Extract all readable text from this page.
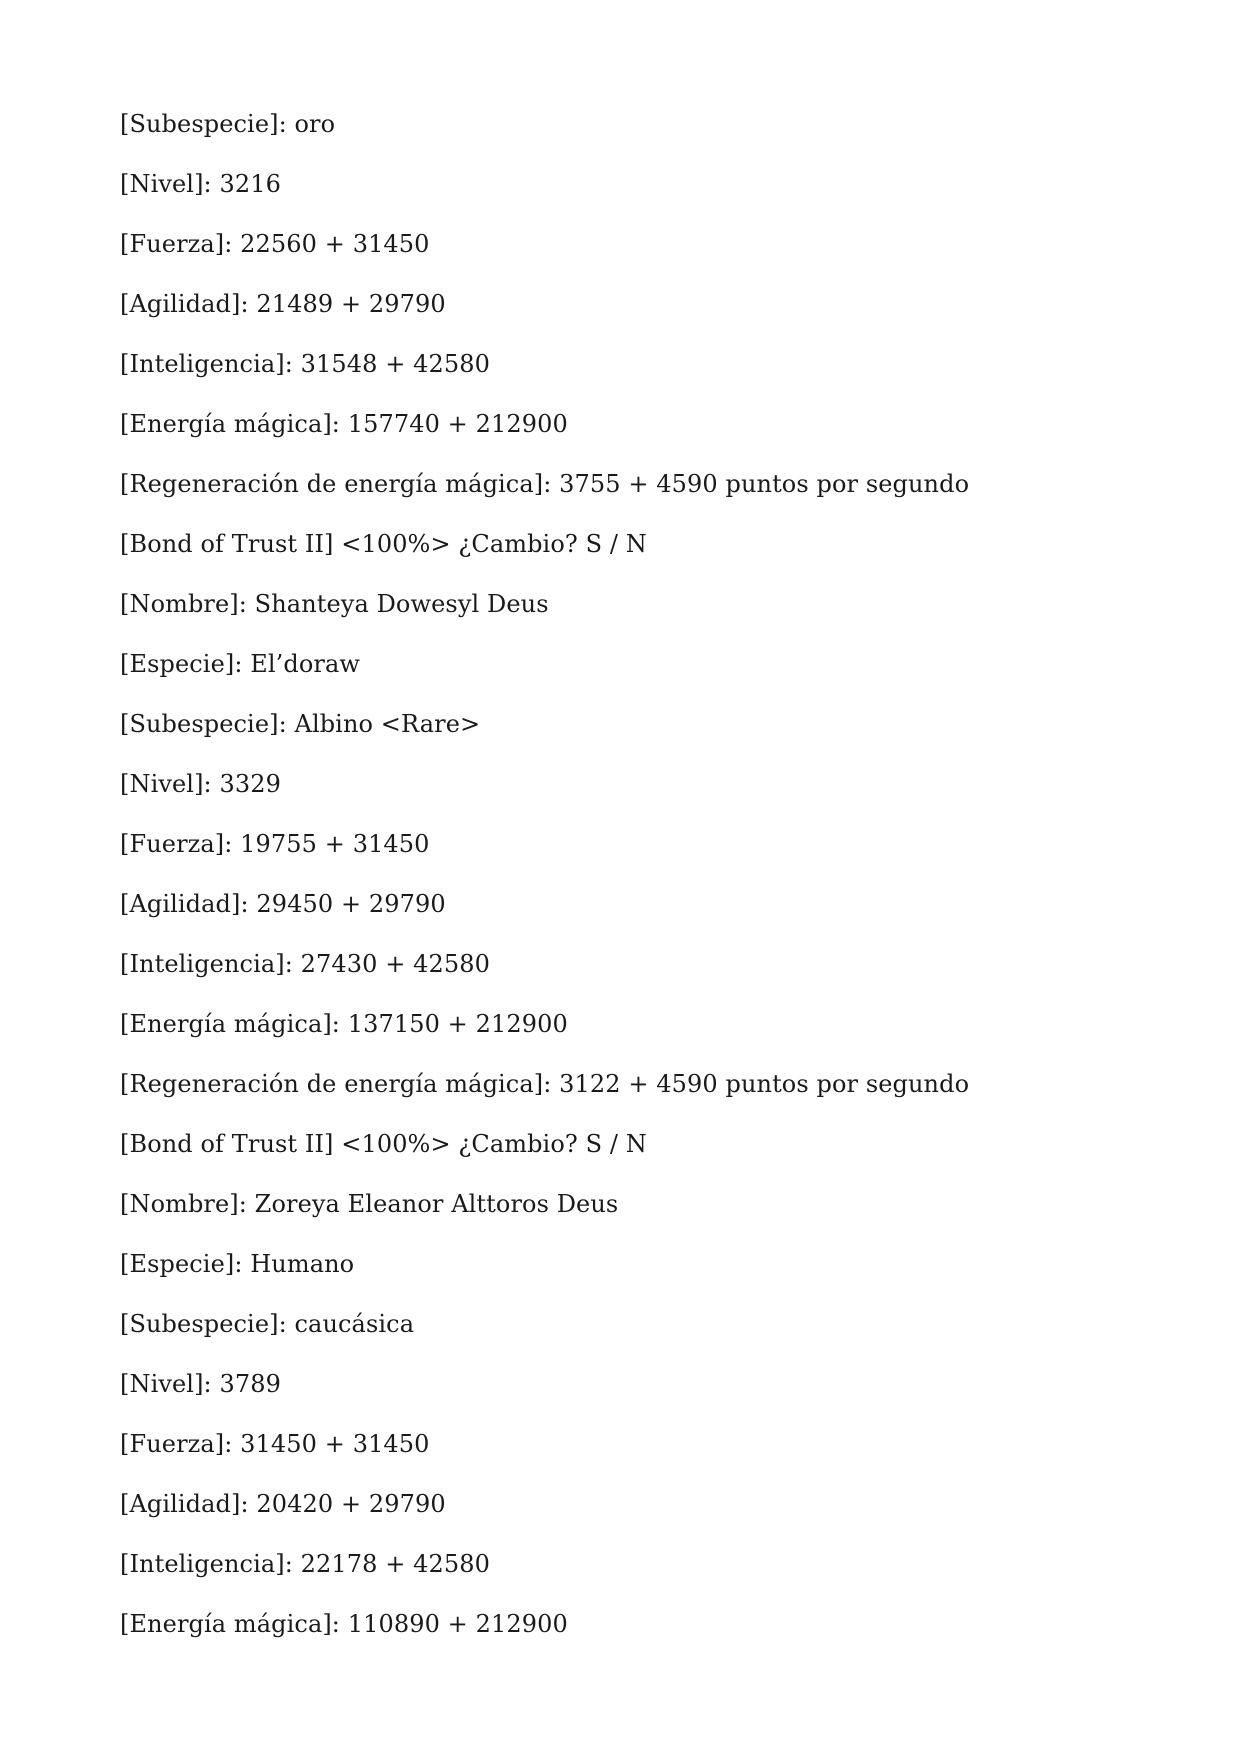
[Subespecie]: oro
[Nivel]: 3216
[Fuerza]: 22560 + 31450
[Agilidad]: 21489 + 29790
[Inteligencia]: 31548 + 42580
[Energía mágica]: 157740 + 212900
[Regeneración de energía mágica]: 3755 + 4590 puntos por segundo
[Bond of Trust II] <100%> ¿Cambio? S / N
[Nombre]: Shanteya Dowesyl Deus
[Especie]: El’doraw
[Subespecie]: Albino <Rare>
[Nivel]: 3329
[Fuerza]: 19755 + 31450
[Agilidad]: 29450 + 29790
[Inteligencia]: 27430 + 42580
[Energía mágica]: 137150 + 212900
[Regeneración de energía mágica]: 3122 + 4590 puntos por segundo
[Bond of Trust II] <100%> ¿Cambio? S / N
[Nombre]: Zoreya Eleanor Alttoros Deus
[Especie]: Humano
[Subespecie]: caucásica
[Nivel]: 3789
[Fuerza]: 31450 + 31450
[Agilidad]: 20420 + 29790
[Inteligencia]: 22178 + 42580
[Energía mágica]: 110890 + 212900
